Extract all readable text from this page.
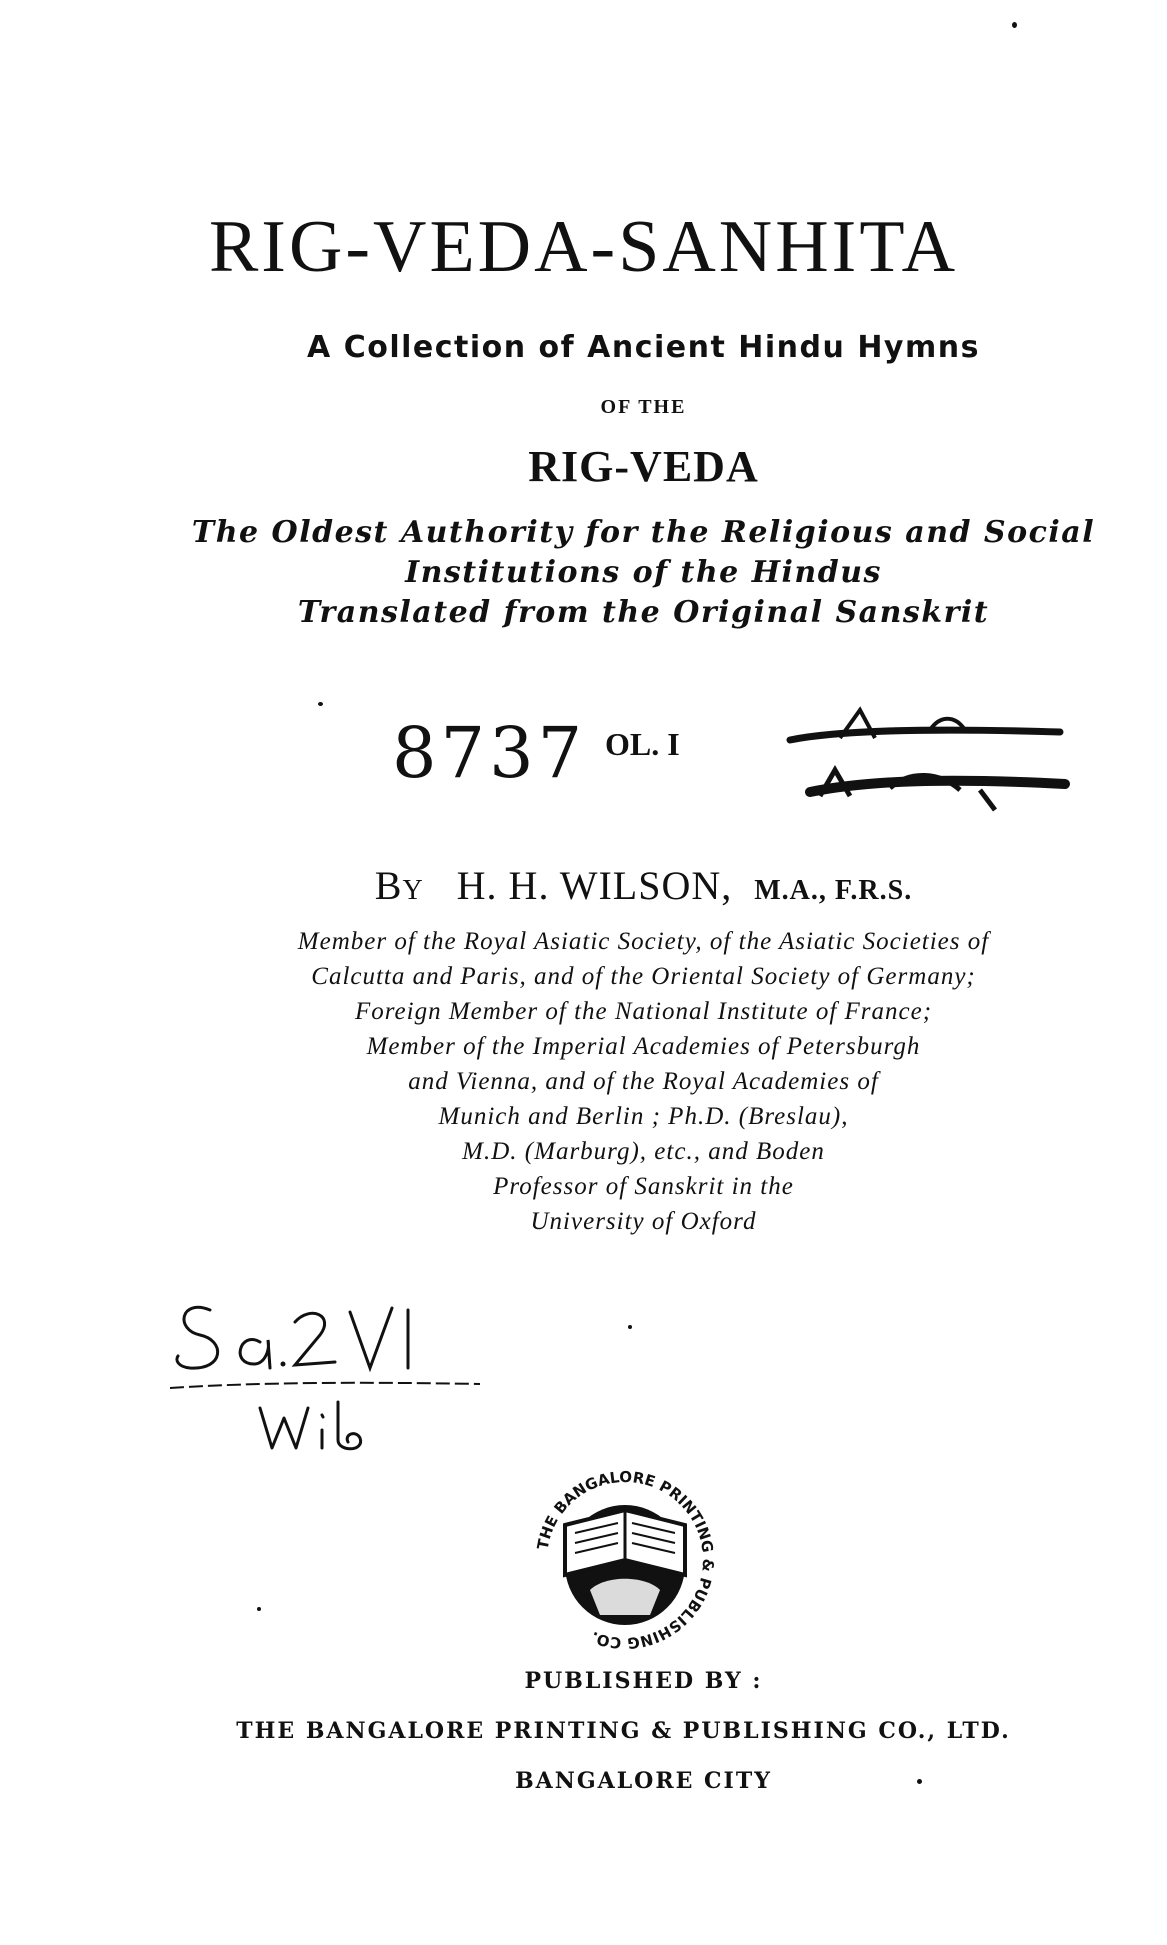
RIG-VEDA-SANHITA
A Collection of Ancient Hindu Hymns
OF THE
RIG-VEDA
The Oldest Authority for the Religious and Social
Institutions of the Hindus
Translated from the Original Sanskrit
8737 OL. I
By H. H. WILSON, M.A., F.R.S.
Member of the Royal Asiatic Society, of the Asiatic Societies of
Calcutta and Paris, and of the Oriental Society of Germany;
Foreign Member of the National Institute of France;
Member of the Imperial Academies of Petersburgh
and Vienna, and of the Royal Academies of
Munich and Berlin ; Ph.D. (Breslau),
M.D. (Marburg), etc., and Boden
Professor of Sanskrit in the
University of Oxford
THE BANGALORE PRINTING & PUBLISHING CO.
PUBLISHED BY :
THE BANGALORE PRINTING & PUBLISHING CO., LTD.
BANGALORE CITY
